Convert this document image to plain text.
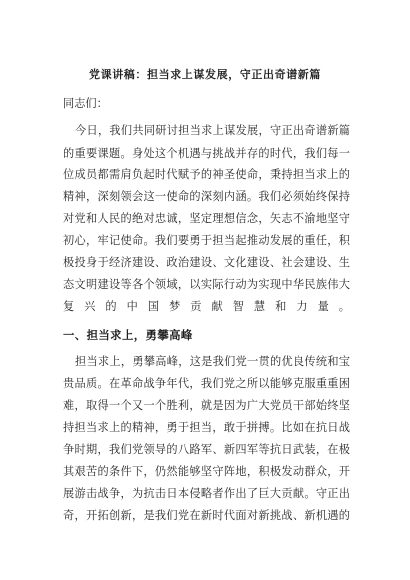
党课讲稿：担当求上谋发展，守正出奇谱新篇
同志们：
今日，我们共同研讨担当求上谋发展，守正出奇谱新篇
的重要课题。身处这个机遇与挑战并存的时代，我们每一
位成员都需肩负起时代赋予的神圣使命，秉持担当求上的
精神，深刻领会这一使命的深刻内涵。我们必须始终保持
对党和人民的绝对忠诚，坚定理想信念，矢志不渝地坚守
初心，牢记使命。我们要勇于担当起推动发展的重任，积
极投身于经济建设、政治建设、文化建设、社会建设、生
态文明建设等各个领域，以实际行动为实现中华民族伟大
复兴的中国梦贡献智慧和力量。
一、担当求上，勇攀高峰
担当求上，勇攀高峰，这是我们党一贯的优良传统和宝
贵品质。在革命战争年代，我们党之所以能够克服重重困
难，取得一个又一个胜利，就是因为广大党员干部始终坚
持担当求上的精神，勇于担当，敢于拼搏。比如在抗日战
争时期，我们党领导的八路军、新四军等抗日武装，在极
其艰苦的条件下，仍然能够坚守阵地，积极发动群众，开
展游击战争，为抗击日本侵略者作出了巨大贡献。守正出
奇，开拓创新，是我们党在新时代面对新挑战、新机遇的
